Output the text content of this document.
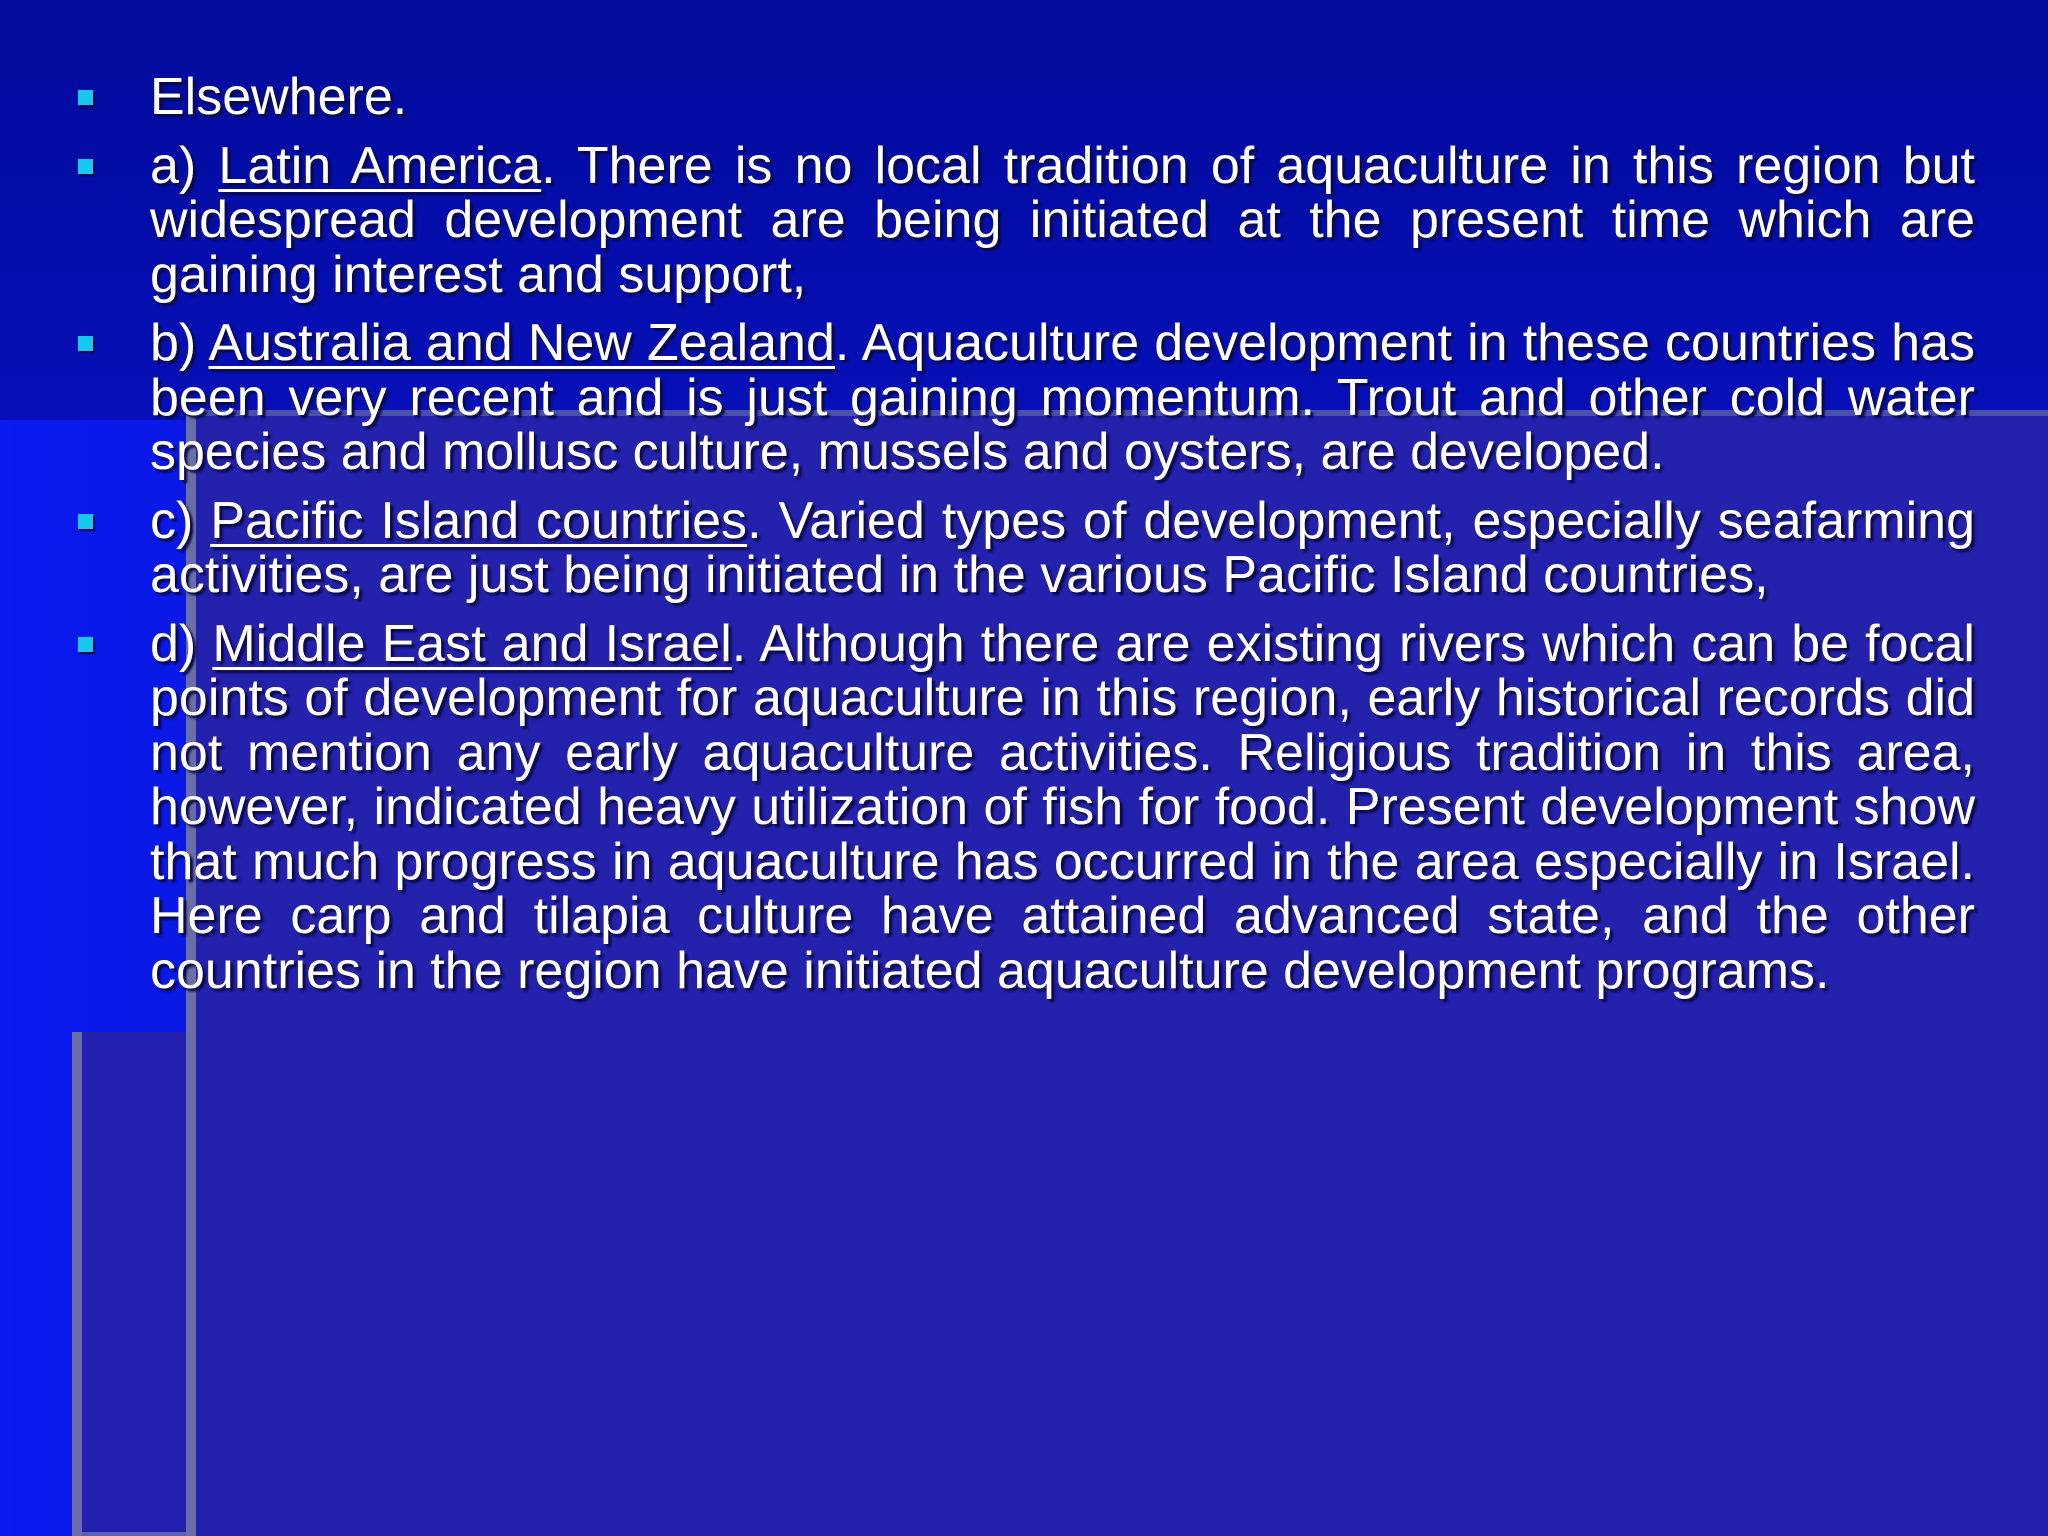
Elsewhere.
a) Latin America. There is no local tradition of aquaculture in this region but widespread development are being initiated at the present time which are gaining interest and support,
b) Australia and New Zealand. Aquaculture development in these countries has been very recent and is just gaining momentum. Trout and other cold water species and mollusc culture, mussels and oysters, are developed.
c) Pacific Island countries. Varied types of development, especially seafarming activities, are just being initiated in the various Pacific Island countries,
d) Middle East and Israel. Although there are existing rivers which can be focal points of development for aquaculture in this region, early historical records did not mention any early aquaculture activities. Religious tradition in this area, however, indicated heavy utilization of fish for food. Present development show that much progress in aquaculture has occurred in the area especially in Israel. Here carp and tilapia culture have attained advanced state, and the other countries in the region have initiated aquaculture development programs.
